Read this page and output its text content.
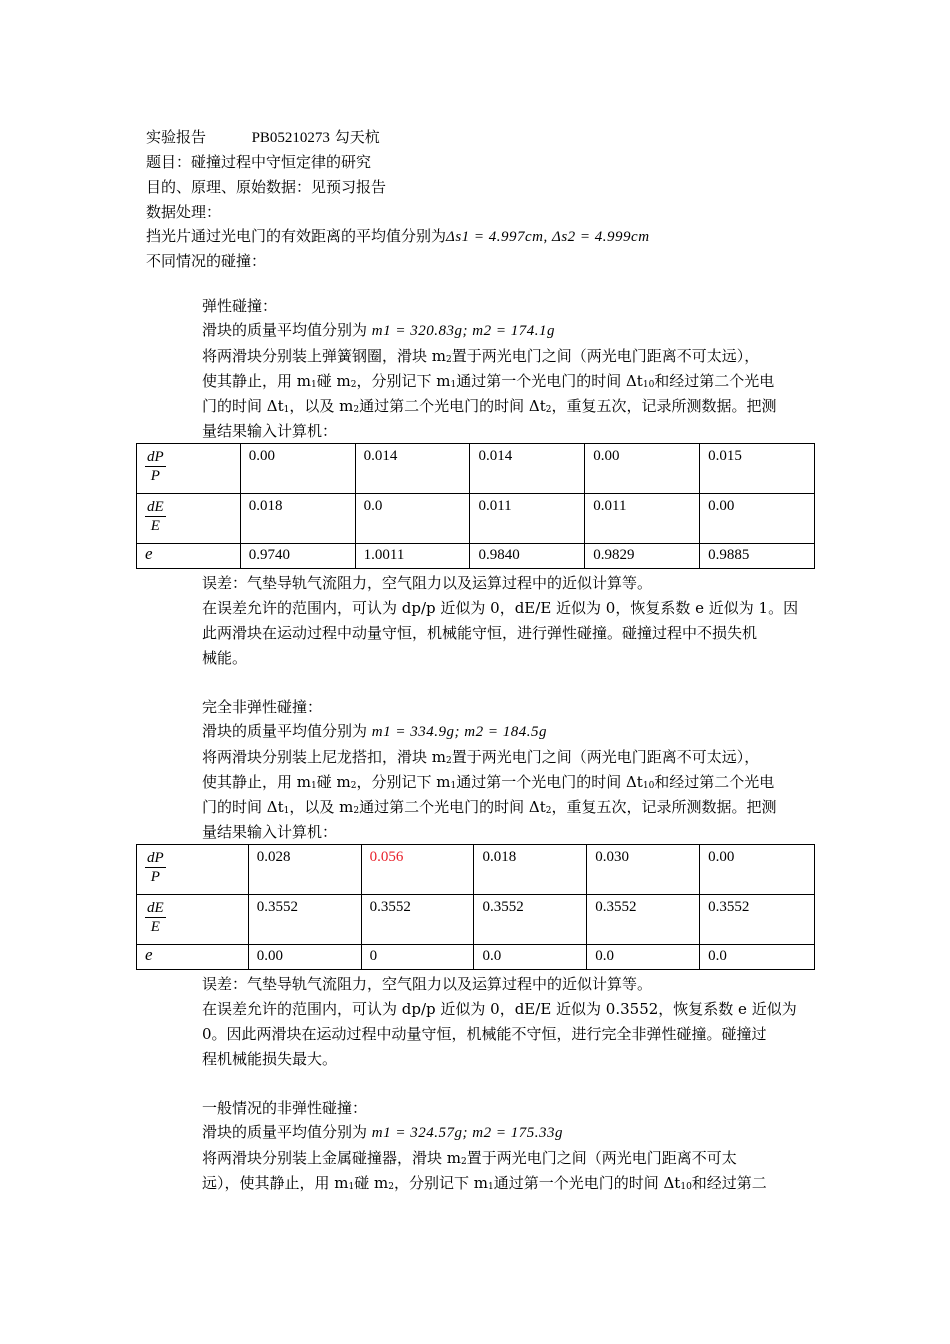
实验报告	PB05210273 勾天杭
题目：碰撞过程中守恒定律的研究
目的、原理、原始数据：见预习报告
数据处理：
挡光片通过光电门的有效距离的平均值分别为Δs1 = 4.997cm, Δs2 = 4.999cm
不同情况的碰撞：
弹性碰撞：
滑块的质量平均值分别为 m1 = 320.83g; m2 = 174.1g
将两滑块分别装上弹簧钢圈，滑块 m2置于两光电门之间（两光电门距离不可太远），
使其静止，用 m1碰 m2，分别记下 m1通过第一个光电门的时间 Δt10和经过第二个光电
门的时间 Δt1，以及 m2通过第二个光电门的时间 Δt2，重复五次，记录所测数据。把测
量结果输入计算机：
$\frac{dP}{P}$	0.00	0.014	0.014	0.00	0.015

$\frac{dE}{E}$	0.018	0.0	0.011	0.011	0.00
e	0.9740	1.0011	0.9840	0.9829	0.9885
误差：气垫导轨气流阻力，空气阻力以及运算过程中的近似计算等。
在误差允许的范围内，可认为 dp/p 近似为 0，dE/E 近似为 0，恢复系数 e 近似为 1。因
此两滑块在运动过程中动量守恒，机械能守恒，进行弹性碰撞。碰撞过程中不损失机
械能。
完全非弹性碰撞：
滑块的质量平均值分别为 m1 = 334.9g; m2 = 184.5g
将两滑块分别装上尼龙搭扣，滑块 m2置于两光电门之间（两光电门距离不可太远），
使其静止，用 m1碰 m2，分别记下 m1通过第一个光电门的时间 Δt10和经过第二个光电
门的时间 Δt1，以及 m2通过第二个光电门的时间 Δt2，重复五次，记录所测数据。把测
量结果输入计算机：
$\frac{dP}{P}$	0.028	0.056	0.018	0.030	0.00

$\frac{dE}{E}$	0.3552	0.3552	0.3552	0.3552	0.3552
e	0.00	0	0.0	0.0	0.0
误差：气垫导轨气流阻力，空气阻力以及运算过程中的近似计算等。
在误差允许的范围内，可认为 dp/p 近似为 0，dE/E 近似为 0.3552，恢复系数 e 近似为
0。因此两滑块在运动过程中动量守恒，机械能不守恒，进行完全非弹性碰撞。碰撞过
程机械能损失最大。
一般情况的非弹性碰撞：
滑块的质量平均值分别为 m1 = 324.57g; m2 = 175.33g
将两滑块分别装上金属碰撞器，滑块 m2置于两光电门之间（两光电门距离不可太
远），使其静止，用 m1碰 m2，分别记下 m1通过第一个光电门的时间 Δt10和经过第二
